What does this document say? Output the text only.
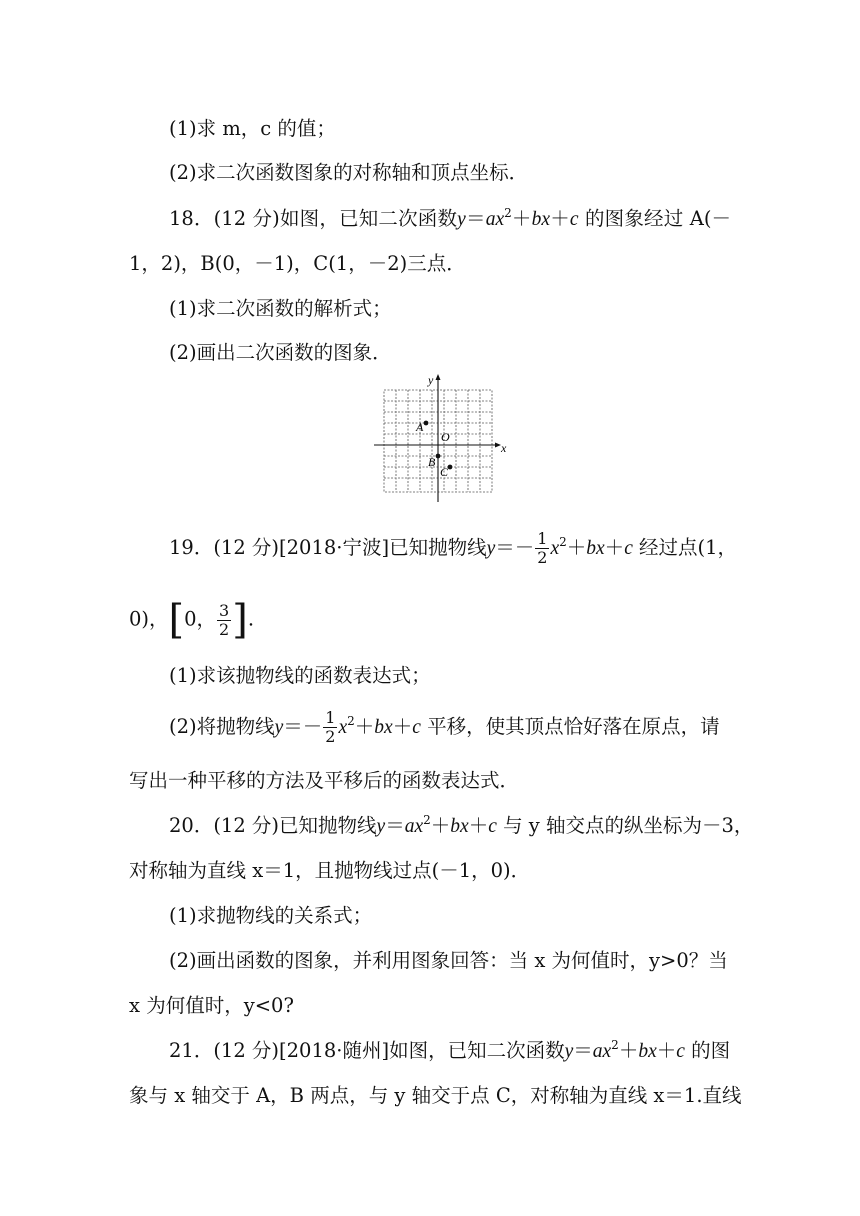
(1)求 m，c 的值；
(2)求二次函数图象的对称轴和顶点坐标．
18．(12 分)如图，已知二次函数$y=ax^2+bx+c$ 的图象经过 A(－
1，2)，B(0，－1)，C(1，－2)三点．
(1)求二次函数的解析式；
(2)画出二次函数的图象．
x
y
O
A
B
C
19．(12 分)[2018·宁波]已知抛物线$y=- \frac{1}{2} x^2+bx+c$ 经过点(1，
0)，[0， $\frac{3}{2}$ ].
(1)求该抛物线的函数表达式；
(2)将抛物线$y=- \frac{1}{2} x^2+bx+c$ 平移，使其顶点恰好落在原点，请
写出一种平移的方法及平移后的函数表达式．
20．(12 分)已知抛物线$y=ax^2+bx+c$ 与 y 轴交点的纵坐标为－3，
对称轴为直线 x＝1，且抛物线过点(－1，0)．
(1)求抛物线的关系式；
(2)画出函数的图象，并利用图象回答：当 x 为何值时，y>0？当
x 为何值时，y<0?
21．(12 分)[2018·随州]如图，已知二次函数$y=ax^2+bx+c$ 的图
象与 x 轴交于 A，B 两点，与 y 轴交于点 C，对称轴为直线 x＝1.直线
